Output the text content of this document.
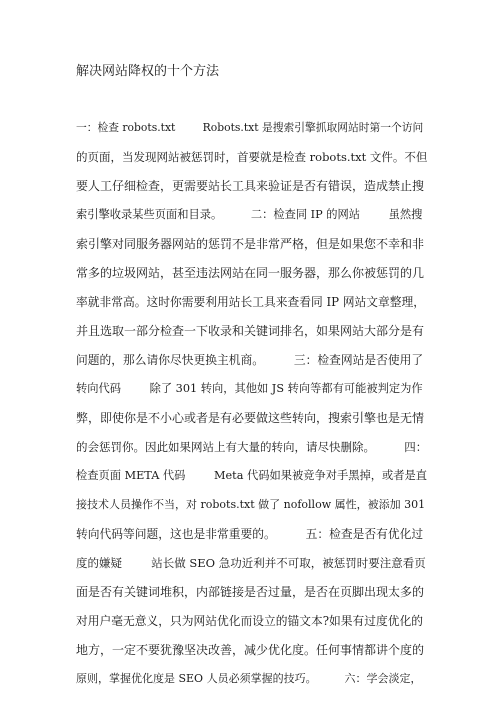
解决网站降权的十个方法
一：检查 robots.txt        Robots.txt 是搜索引擎抓取网站时第一个访问
的页面，当发现网站被惩罚时，首要就是检查 robots.txt 文件。不但
要人工仔细检查，更需要站长工具来验证是否有错误，造成禁止搜
索引擎收录某些页面和目录。        二：检查同 IP 的网站        虽然搜
索引擎对同服务器网站的惩罚不是非常严格，但是如果您不幸和非
常多的垃圾网站，甚至违法网站在同一服务器，那么你被惩罚的几
率就非常高。这时你需要利用站长工具来查看同 IP 网站文章整理，
并且选取一部分检查一下收录和关键词排名，如果网站大部分是有
问题的，那么请你尽快更换主机商。        三：检查网站是否使用了
转向代码        除了 301 转向，其他如 JS 转向等都有可能被判定为作
弊，即使你是不小心或者是有必要做这些转向，搜索引擎也是无情
的会惩罚你。因此如果网站上有大量的转向，请尽快删除。        四：
检查页面 META 代码        Meta 代码如果被竞争对手黑掉，或者是直
接技术人员操作不当，对 robots.txt 做了 nofollow 属性，被添加 301
转向代码等问题，这也是非常重要的。        五：检查是否有优化过
度的嫌疑        站长做 SEO 急功近利并不可取，被惩罚时要注意看页
面是否有关键词堆积，内部链接是否过量，是否在页脚出现太多的
对用户毫无意义，只为网站优化而设立的锚文本?如果有过度优化的
地方，一定不要犹豫坚决改善，减少优化度。任何事情都讲个度的
原则，掌握优化度是 SEO 人员必须掌握的技巧。        六：学会淡定，
